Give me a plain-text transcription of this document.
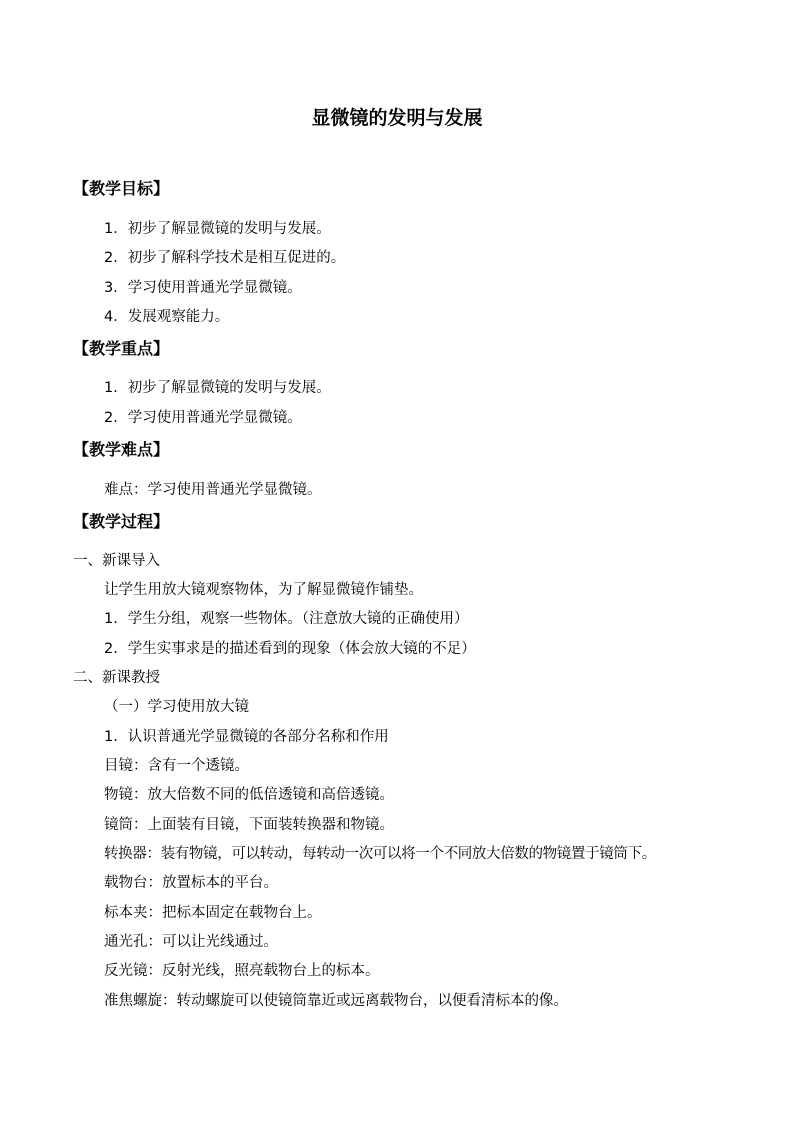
显微镜的发明与发展
【教学目标】
1．初步了解显微镜的发明与发展。
2．初步了解科学技术是相互促进的。
3．学习使用普通光学显微镜。
4．发展观察能力。
【教学重点】
1．初步了解显微镜的发明与发展。
2．学习使用普通光学显微镜。
【教学难点】
难点：学习使用普通光学显微镜。
【教学过程】
一、新课导入
让学生用放大镜观察物体，为了解显微镜作铺垫。
1．学生分组，观察一些物体。（注意放大镜的正确使用）
2．学生实事求是的描述看到的现象（体会放大镜的不足）
二、新课教授
（一）学习使用放大镜
1．认识普通光学显微镜的各部分名称和作用
目镜：含有一个透镜。
物镜：放大倍数不同的低倍透镜和高倍透镜。
镜筒：上面装有目镜，下面装转换器和物镜。
转换器：装有物镜，可以转动，每转动一次可以将一个不同放大倍数的物镜置于镜筒下。
载物台：放置标本的平台。
标本夹：把标本固定在载物台上。
通光孔：可以让光线通过。
反光镜：反射光线，照亮载物台上的标本。
准焦螺旋：转动螺旋可以使镜筒靠近或远离载物台，以便看清标本的像。
